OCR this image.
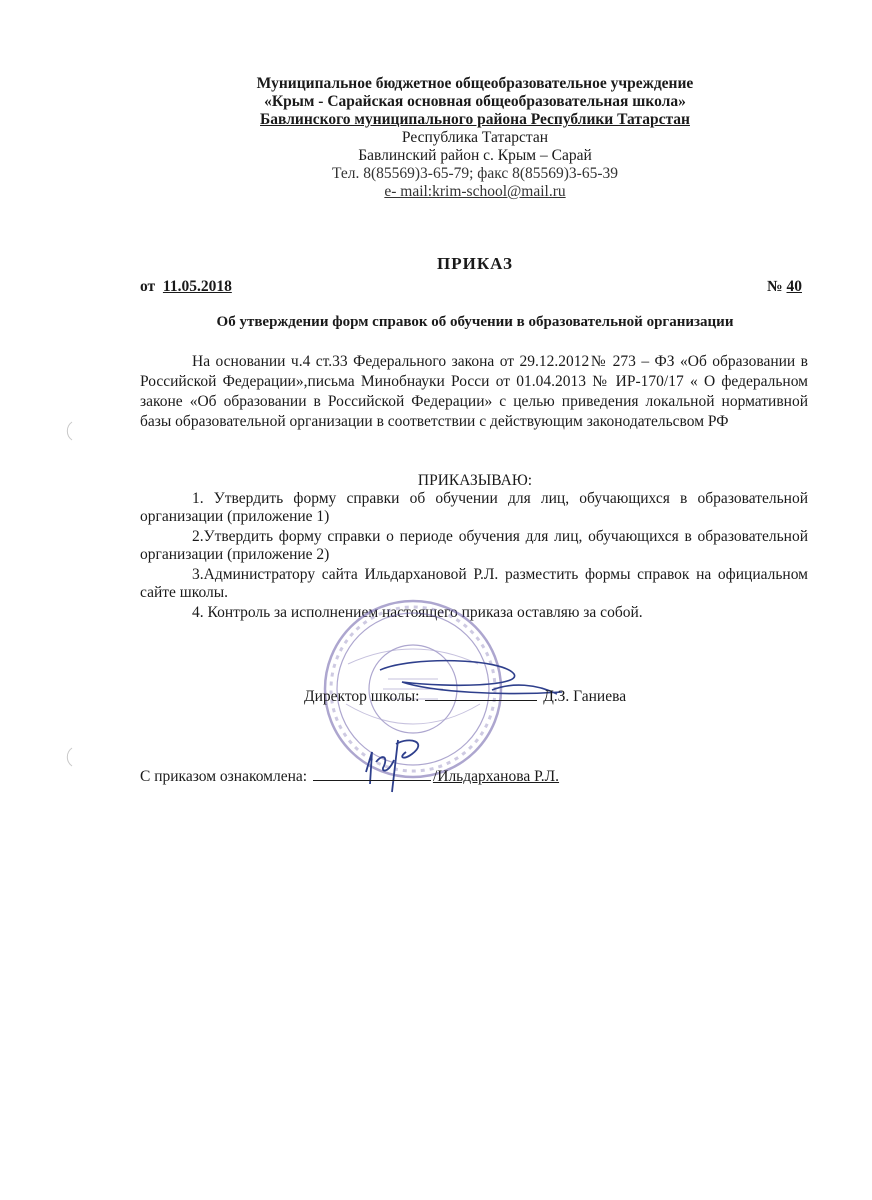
Муниципальное бюджетное общеобразовательное учреждение
«Крым - Сарайская основная общеобразовательная школа»
Бавлинского муниципального района Республики Татарстан
Республика Татарстан
Бавлинский район с. Крым – Сарай
Тел. 8(85569)3-65-79; факс 8(85569)3-65-39
e- mail:krim-school@mail.ru
ПРИКАЗ
от 11.05.2018	№ 40
Об утверждении форм справок об обучении в образовательной организации
На основании ч.4 ст.33 Федерального закона от 29.12.2012№ 273 – ФЗ «Об образовании в Российской Федерации»,письма Минобнауки Росси от 01.04.2013 № ИР-170/17 « О федеральном законе «Об образовании в Российской Федерации» с целью приведения локальной нормативной базы образовательной организации в соответствии с действующим законодательсвом РФ
ПРИКАЗЫВАЮ:

1. Утвердить форму справки об обучении для лиц, обучающихся в образовательной организации (приложение 1)

2.Утвердить форму справки о периоде обучения для лиц, обучающихся в образовательной организации (приложение 2)

3.Администратору сайта Ильдархановой Р.Л. разместить формы справок на официальном сайте школы.

4. Контроль за исполнением настоящего приказа оставляю за собой.

Директор школы:	Д.З. Ганиева
С приказом ознакомлена:	/Ильдарханова Р.Л.
